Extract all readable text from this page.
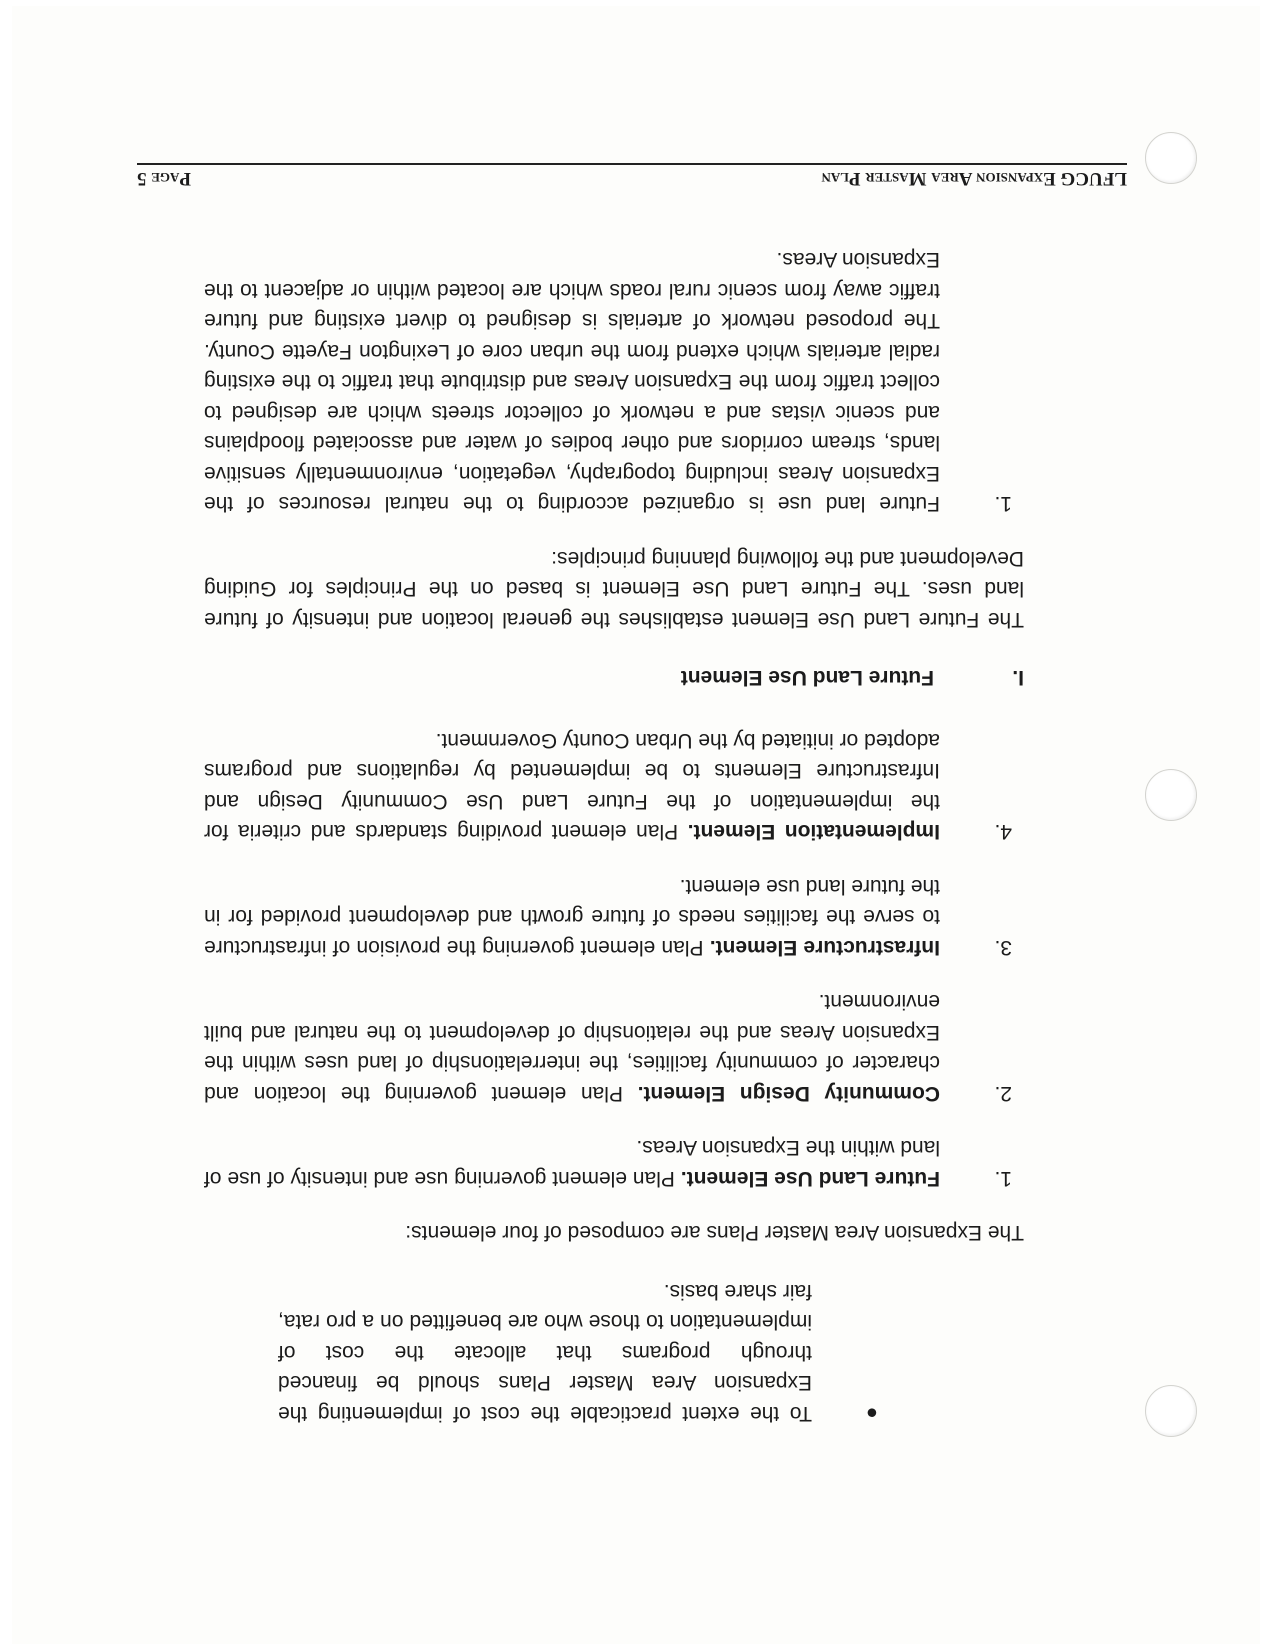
●
To the extent practicable the cost of implementing the Expansion Area Master Plans should be financed through programs that allocate the cost of implementation to those who are benefitted on a pro rata, fair share basis.
The Expansion Area Master Plans are composed of four elements:
1.
Future Land Use Element. Plan element governing use and intensity of use of land within the Expansion Areas.
2.
Community Design Element. Plan element governing the location and character of community facilities, the interrelationship of land uses within the Expansion Areas and the relationship of development to the natural and built environment.
3.
Infrastructure Element. Plan element governing the provision of infrastructure to serve the facilities needs of future growth and development provided for in the future land use element.
4.
Implementation Element. Plan element providing standards and criteria for the implementation of the Future Land Use Community Design and Infrastructure Elements to be implemented by regulations and programs adopted or initiated by the Urban County Government.
I.
Future Land Use Element
The Future Land Use Element establishes the general location and intensity of future land uses. The Future Land Use Element is based on the Principles for Guiding Development and the following planning principles:
1.
Future land use is organized according to the natural resources of the Expansion Areas including topography, vegetation, environmentally sensitive lands, stream corridors and other bodies of water and associated floodplains and scenic vistas and a network of collector streets which are designed to collect traffic from the Expansion Areas and distribute that traffic to the existing radial arterials which extend from the urban core of Lexington Fayette County. The proposed network of arterials is designed to divert existing and future traffic away from scenic rural roads which are located within or adjacent to the Expansion Areas.
LFUCG Expansion Area Master Plan
Page 5
